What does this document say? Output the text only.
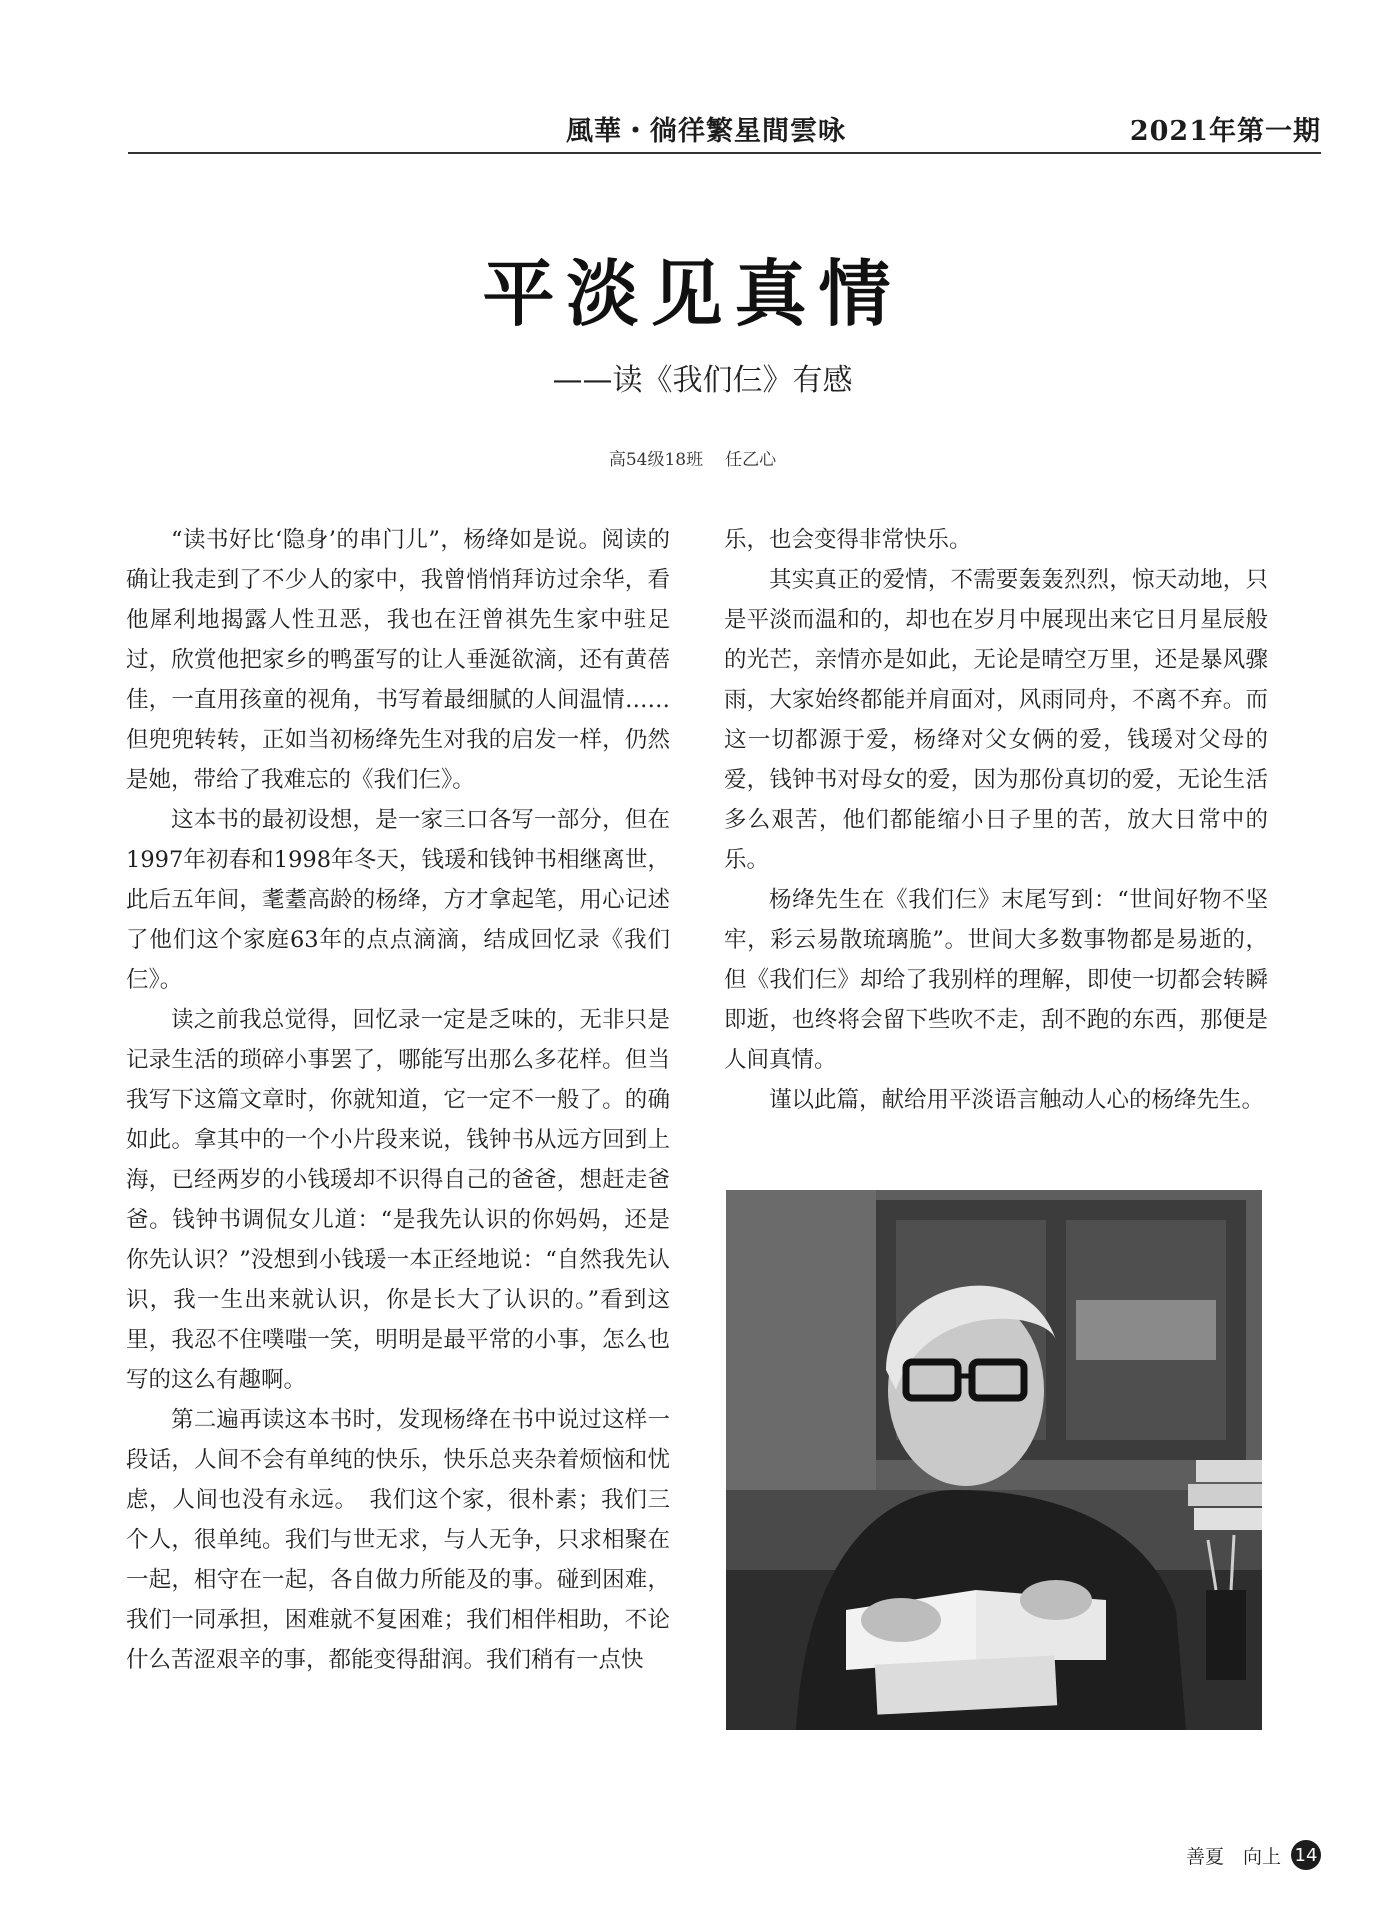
風華・徜徉繁星間雲咏	2021年第一期
平淡见真情
——读《我们仨》有感
高54级18班 任乙心

“读书好比‘隐身’的串门儿”，杨绛如是说。阅读的确让我走到了不少人的家中，我曾悄悄拜访过余华，看他犀利地揭露人性丑恶，我也在汪曾祺先生家中驻足过，欣赏他把家乡的鸭蛋写的让人垂涎欲滴，还有黄蓓佳，一直用孩童的视角，书写着最细腻的人间温情……但兜兜转转，正如当初杨绛先生对我的启发一样，仍然是她，带给了我难忘的《我们仨》。

这本书的最初设想，是一家三口各写一部分，但在1997年初春和1998年冬天，钱瑗和钱钟书相继离世，此后五年间，耄耋高龄的杨绛，方才拿起笔，用心记述了他们这个家庭63年的点点滴滴，结成回忆录《我们仨》。

读之前我总觉得，回忆录一定是乏味的，无非只是记录生活的琐碎小事罢了，哪能写出那么多花样。但当我写下这篇文章时，你就知道，它一定不一般了。的确如此。拿其中的一个小片段来说，钱钟书从远方回到上海，已经两岁的小钱瑗却不识得自己的爸爸，想赶走爸爸。钱钟书调侃女儿道：“是我先认识的你妈妈，还是你先认识？”没想到小钱瑗一本正经地说：“自然我先认识，我一生出来就认识，你是长大了认识的。”看到这里，我忍不住噗嗤一笑，明明是最平常的小事，怎么也写的这么有趣啊。

第二遍再读这本书时，发现杨绛在书中说过这样一段话，人间不会有单纯的快乐，快乐总夹杂着烦恼和忧虑，人间也没有永远。　我们这个家，很朴素；我们三个人，很单纯。我们与世无求，与人无争，只求相聚在一起，相守在一起，各自做力所能及的事。碰到困难，我们一同承担，困难就不复困难；我们相伴相助，不论什么苦涩艰辛的事，都能变得甜润。我们稍有一点快

乐，也会变得非常快乐。

其实真正的爱情，不需要轰轰烈烈，惊天动地，只是平淡而温和的，却也在岁月中展现出来它日月星辰般的光芒，亲情亦是如此，无论是晴空万里，还是暴风骤雨，大家始终都能并肩面对，风雨同舟，不离不弃。而这一切都源于爱，杨绛对父女俩的爱，钱瑗对父母的爱，钱钟书对母女的爱，因为那份真切的爱，无论生活多么艰苦，他们都能缩小日子里的苦，放大日常中的乐。

杨绛先生在《我们仨》末尾写到：“世间好物不坚牢，彩云易散琉璃脆”。世间大多数事物都是易逝的，但《我们仨》却给了我别样的理解，即使一切都会转瞬即逝，也终将会留下些吹不走，刮不跑的东西，那便是人间真情。

谨以此篇，献给用平淡语言触动人心的杨绛先生。

善夏　向上 14
